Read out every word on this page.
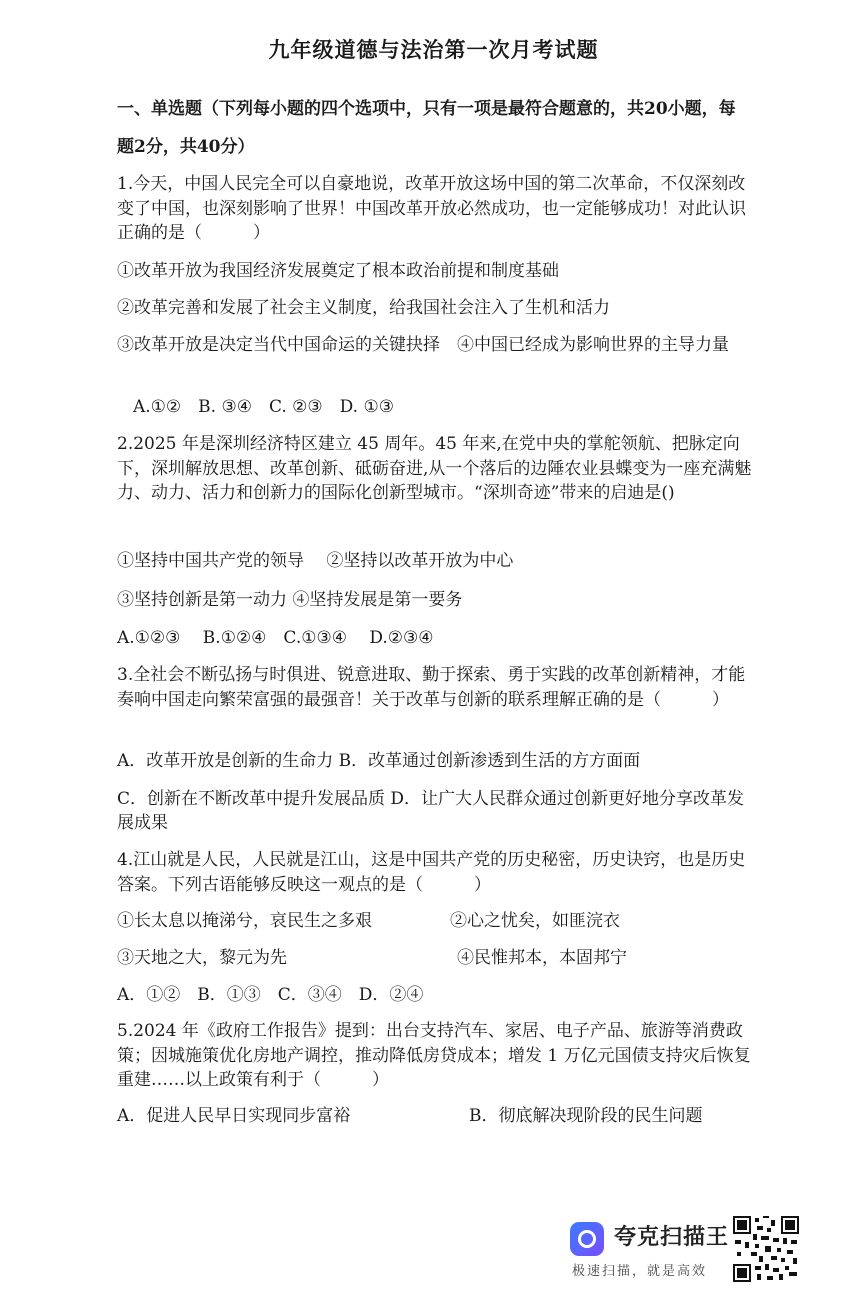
九年级道德与法治第一次月考试题
一、单选题（下列每小题的四个选项中，只有一项是最符合题意的，共20小题，每
题2分，共40分）
1.今天，中国人民完全可以自豪地说，改革开放这场中国的第二次革命，不仅深刻改变了中国，也深刻影响了世界！中国改革开放必然成功，也一定能够成功！对此认识正确的是（　　　）
①改革开放为我国经济发展奠定了根本政治前提和制度基础
②改革完善和发展了社会主义制度，给我国社会注入了生机和活力
③改革开放是决定当代中国命运的关键抉择　④中国已经成为影响世界的主导力量
A.①②　B. ③④　C. ②③　D. ①③
2.2025 年是深圳经济特区建立 45 周年。45 年来,在党中央的掌舵领航、把脉定向下，深圳解放思想、改革创新、砥砺奋进,从一个落后的边陲农业县蝶变为一座充满魅力、动力、活力和创新力的国际化创新型城市。“深圳奇迹”带来的启迪是()
①坚持中国共产党的领导　 ②坚持以改革开放为中心
③坚持创新是第一动力 ④坚持发展是第一要务
A.①②③　 B.①②④　C.①③④　 D.②③④
3.全社会不断弘扬与时俱进、锐意进取、勤于探索、勇于实践的改革创新精神，才能奏响中国走向繁荣富强的最强音！关于改革与创新的联系理解正确的是（　　　）
A．改革开放是创新的生命力 B．改革通过创新渗透到生活的方方面面
C．创新在不断改革中提升发展品质 D．让广大人民群众通过创新更好地分享改革发展成果
4.江山就是人民，人民就是江山，这是中国共产党的历史秘密，历史诀窍，也是历史答案。下列古语能够反映这一观点的是（　　　）
①长太息以掩涕兮，哀民生之多艰	②心之忧矣，如匪浣衣
③天地之大，黎元为先	④民惟邦本，本固邦宁
A．①②　B．①③　C．③④　D．②④
5.2024 年《政府工作报告》提到：出台支持汽车、家居、电子产品、旅游等消费政策；因城施策优化房地产调控，推动降低房贷成本；增发 1 万亿元国债支持灾后恢复重建……以上政策有利于（　　　）
A．促进人民早日实现同步富裕	B．彻底解决现阶段的民生问题
夸克扫描王
极速扫描，就是高效
